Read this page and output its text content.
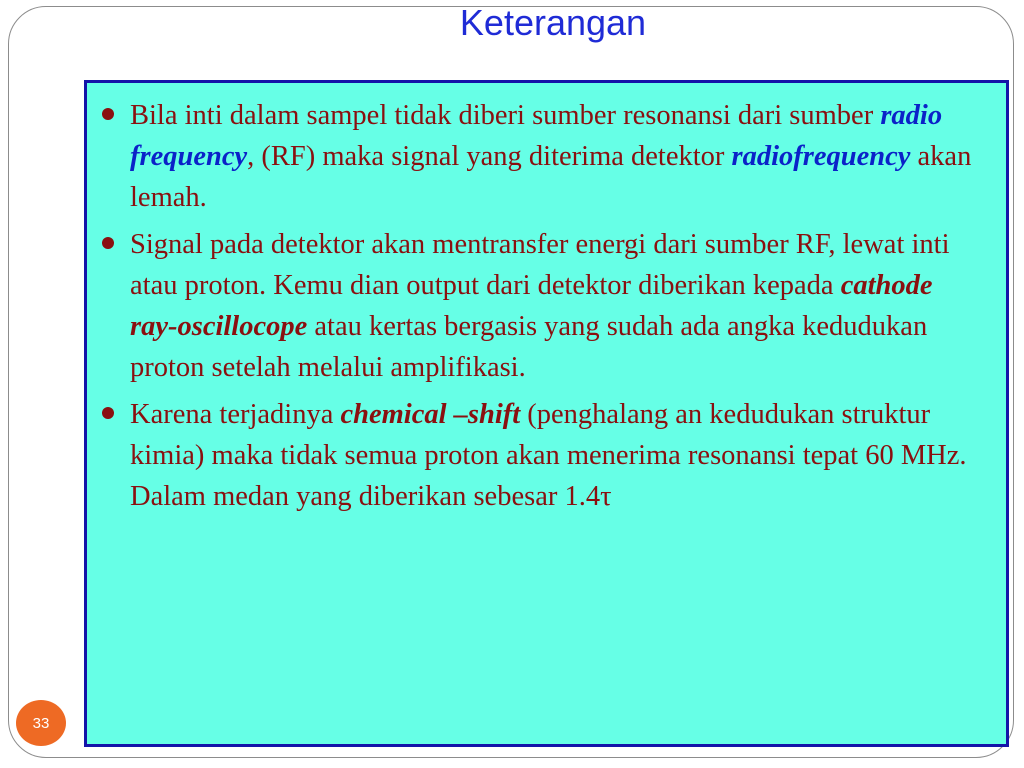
Keterangan
Bila inti dalam sampel tidak diberi sumber resonansi dari sumber radio frequency, (RF) maka signal yang diterima detektor radiofrequency akan lemah.
Signal pada detektor akan mentransfer energi dari sumber RF, lewat inti atau proton. Kemu dian output dari detektor diberikan kepada cathode ray-oscillocope atau kertas bergasis yang sudah ada angka kedudukan proton setelah melalui amplifikasi.
Karena terjadinya chemical –shift (penghalang an kedudukan struktur kimia) maka tidak semua proton akan menerima resonansi tepat 60 MHz. Dalam medan yang diberikan sebesar 1.4τ
33
